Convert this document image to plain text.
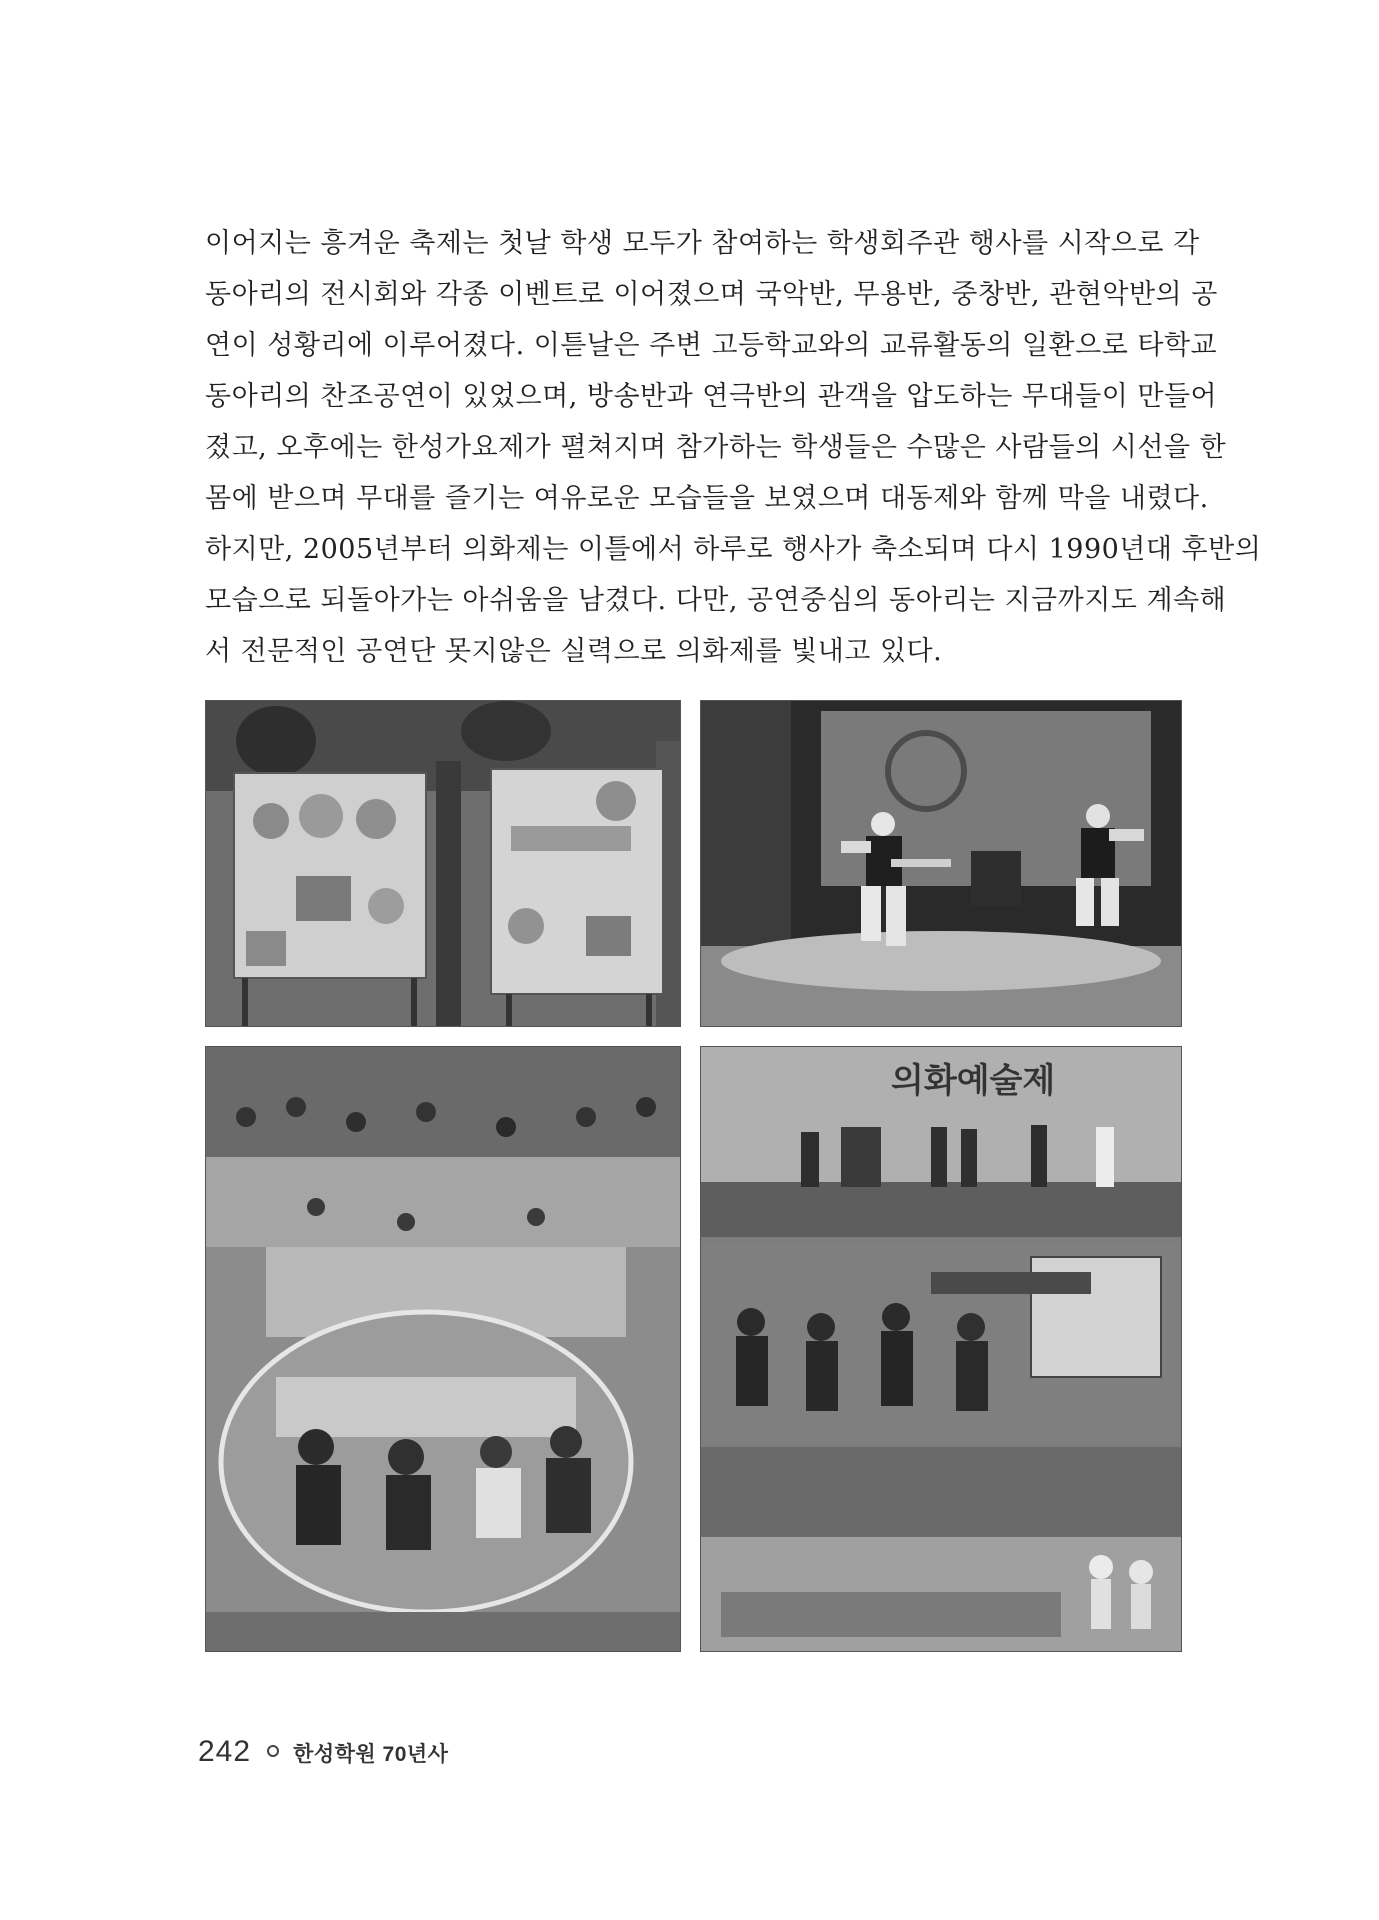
이어지는 흥겨운 축제는 첫날 학생 모두가 참여하는 학생회주관 행사를 시작으로 각
동아리의 전시회와 각종 이벤트로 이어졌으며 국악반, 무용반, 중창반, 관현악반의 공
연이 성황리에 이루어졌다. 이튿날은 주변 고등학교와의 교류활동의 일환으로 타학교
동아리의 찬조공연이 있었으며, 방송반과 연극반의 관객을 압도하는 무대들이 만들어
졌고, 오후에는 한성가요제가 펼쳐지며 참가하는 학생들은 수많은 사람들의 시선을 한
몸에 받으며 무대를 즐기는 여유로운 모습들을 보였으며 대동제와 함께 막을 내렸다.
하지만, 2005년부터 의화제는 이틀에서 하루로 행사가 축소되며 다시 1990년대 후반의
모습으로 되돌아가는 아쉬움을 남겼다. 다만, 공연중심의 동아리는 지금까지도 계속해
서 전문적인 공연단 못지않은 실력으로 의화제를 빛내고 있다.
의화예술제
242 한성학원 70년사
